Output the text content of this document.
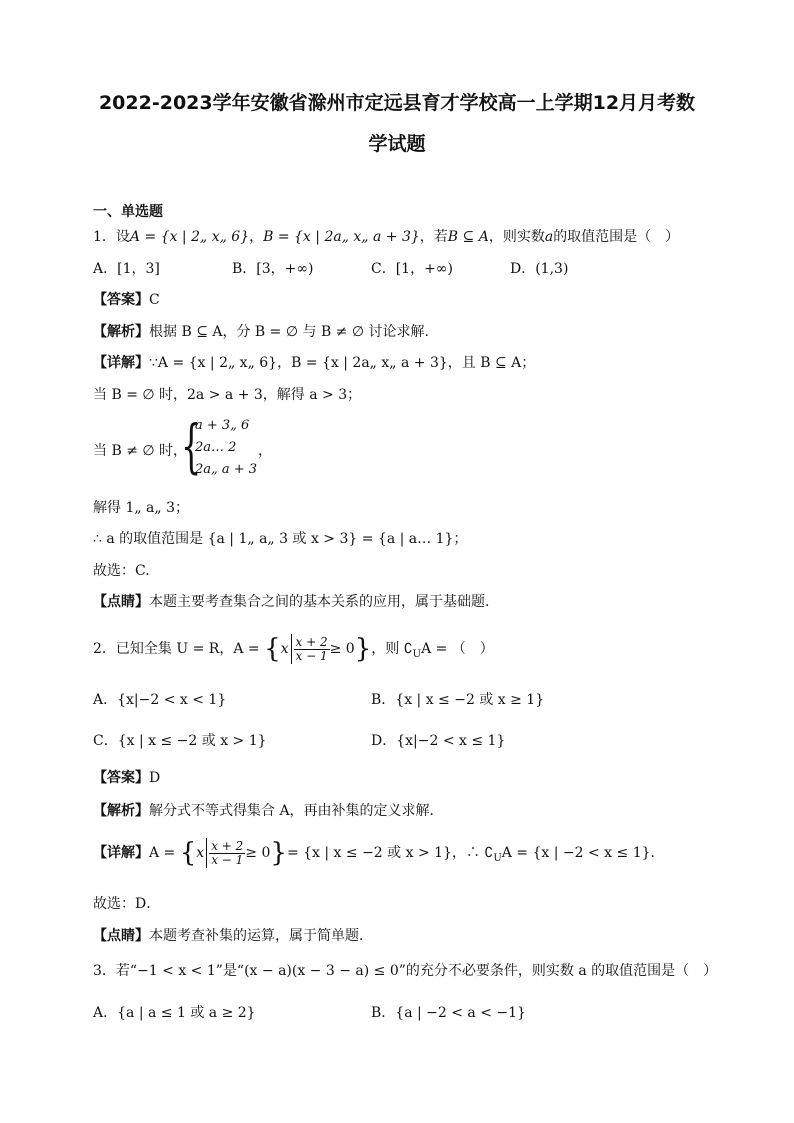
2022-2023学年安徽省滁州市定远县育才学校高一上学期12月月考数
学试题
一、单选题
1．设A = {x | 2„ x„ 6}，B = {x | 2a„ x„ a + 3}，若B ⊆ A，则实数a的取值范围是（　）
A．[1，3]	B．[3，+∞)	C．[1，+∞)	D．(1,3)
【答案】C
【解析】根据 B ⊆ A，分 B = ∅ 与 B ≠ ∅ 讨论求解.
【详解】∵A = {x | 2„ x„ 6}，B = {x | 2a„ x„ a + 3}，且 B ⊆ A；
当 B = ∅ 时，2a > a + 3，解得 a > 3；
当 B ≠ ∅ 时，
{
a + 3„ 6
2a… 2
2a„ a + 3
，
解得 1„ a„ 3；
∴ a 的取值范围是 {a | 1„ a„ 3 或 x > 3} = {a | a… 1}；
故选：C.
【点睛】本题主要考查集合之间的基本关系的应用，属于基础题.
2．已知全集 U = R，$A = \{x \frac{x + 2}{x - 1} \ge 0\}$，则 $∁_UA$ = （　）
A．{x|−2 < x < 1}	B．{x | x ≤ −2 或 x ≥ 1}
C．{x | x ≤ −2 或 x > 1}	D．{x|−2 < x ≤ 1}
【答案】D
【解析】解分式不等式得集合 A，再由补集的定义求解．
【详解】$A = \{x \frac{x + 2}{x - 1} \ge 0\}= \{x$ | x ≤ −2 或 x > 1}，∴ $∁_UA = \{x$ | −2 < x ≤ 1}．
故选：D．
【点睛】本题考查补集的运算，属于简单题．
3．若“−1 < x < 1”是“(x − a)(x − 3 − a) ≤ 0”的充分不必要条件，则实数 a 的取值范围是（　）
A．{a | a ≤ 1 或 a ≥ 2}	B．{a | −2 < a < −1}
